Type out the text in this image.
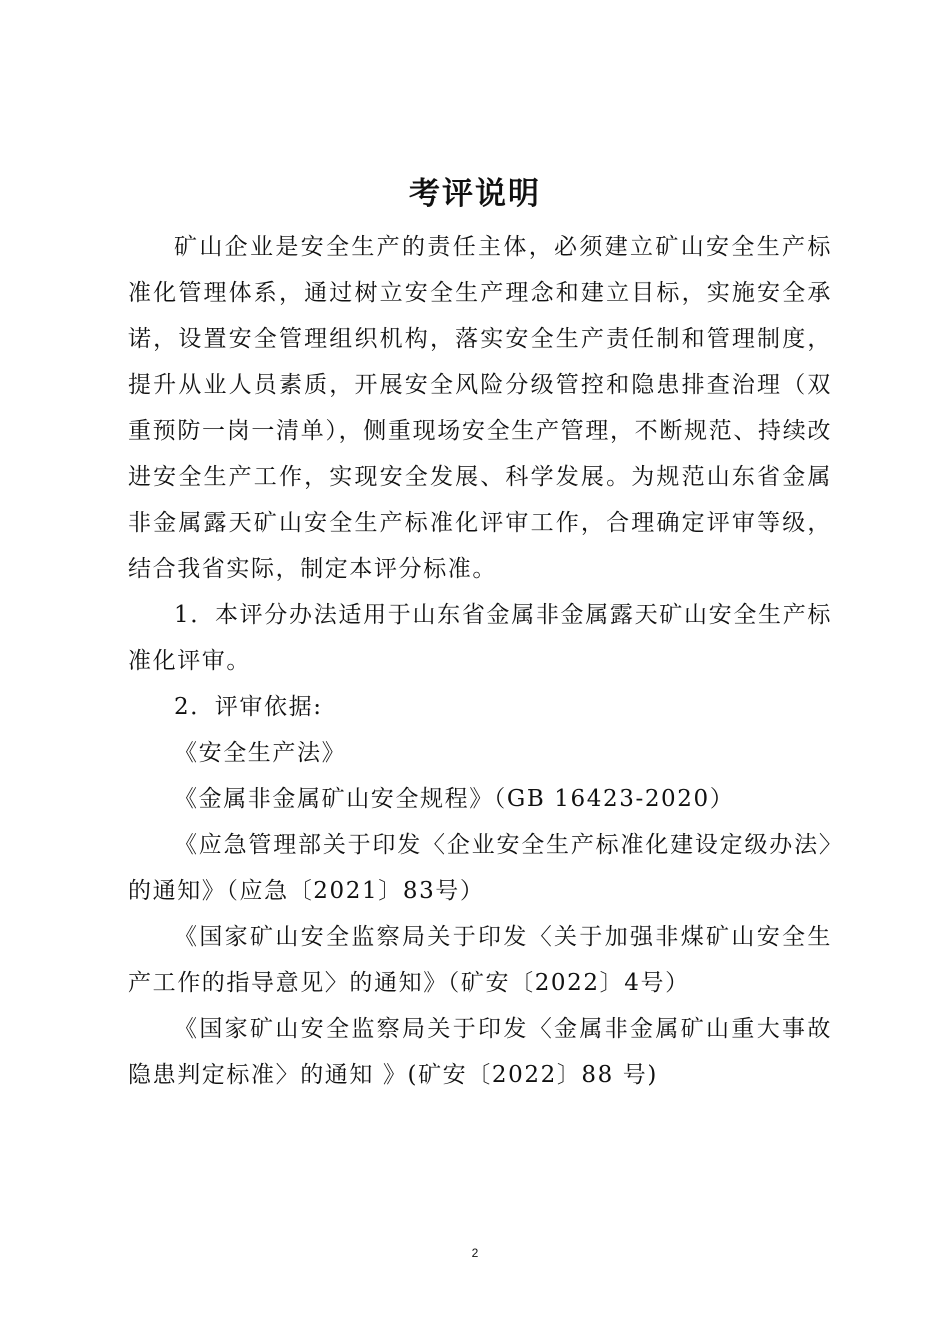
考评说明

矿山企业是安全生产的责任主体，必须建立矿山安全生产标准化管理体系，通过树立安全生产理念和建立目标，实施安全承诺，设置安全管理组织机构，落实安全生产责任制和管理制度，提升从业人员素质，开展安全风险分级管控和隐患排查治理（双重预防一岗一清单），侧重现场安全生产管理，不断规范、持续改进安全生产工作，实现安全发展、科学发展。为规范山东省金属非金属露天矿山安全生产标准化评审工作，合理确定评审等级，结合我省实际，制定本评分标准。

1．本评分办法适用于山东省金属非金属露天矿山安全生产标准化评审。

2．评审依据:

《安全生产法》

《金属非金属矿山安全规程》（GB 16423-2020）

《应急管理部关于印发〈企业安全生产标准化建设定级办法〉的通知》（应急〔2021〕83号）

《国家矿山安全监察局关于印发〈关于加强非煤矿山安全生产工作的指导意见〉的通知》（矿安〔2022〕4号）

《国家矿山安全监察局关于印发〈金属非金属矿山重大事故隐患判定标准〉的通知 》(矿安〔2022〕88 号)

2
